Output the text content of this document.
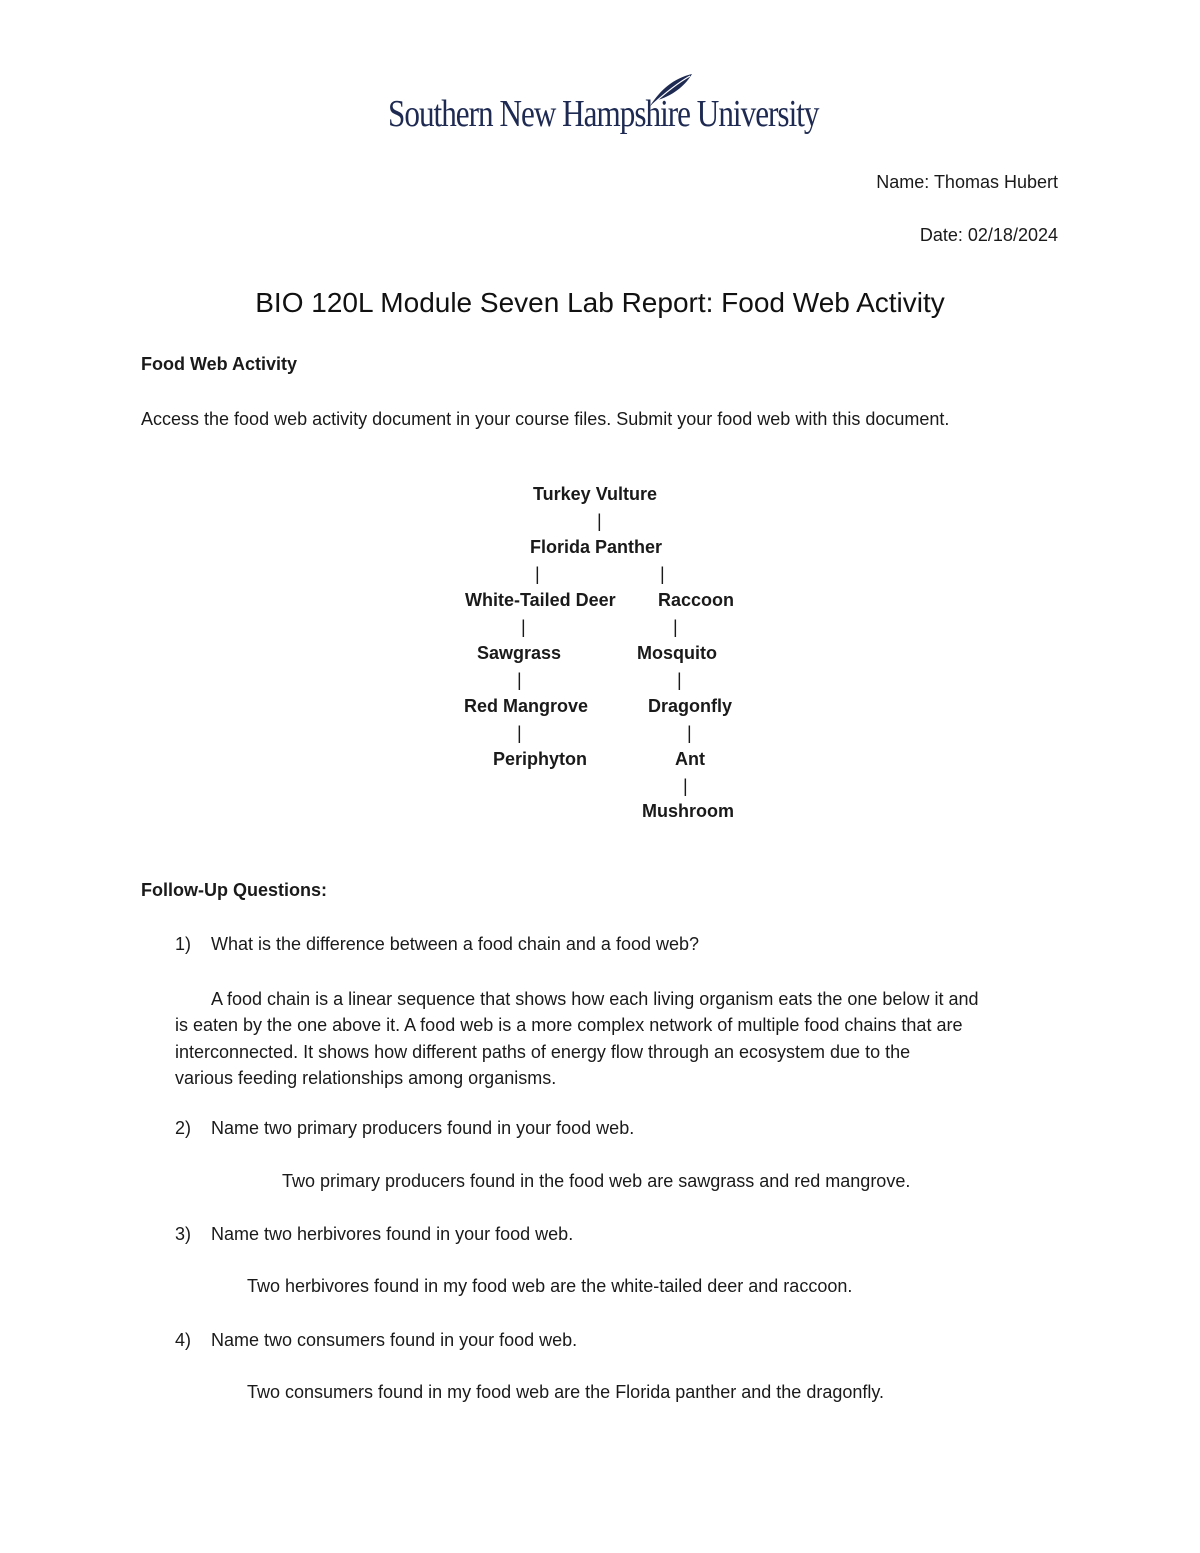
Southern New Hampshire University
Name: Thomas Hubert
Date: 02/18/2024
BIO 120L Module Seven Lab Report: Food Web Activity
Food Web Activity
Access the food web activity document in your course files. Submit your food web with this document.
Turkey Vulture
|
Florida Panther
|	|
White-Tailed Deer Raccoon
|	|
Sawgrass	Mosquito
|	|
Red Mangrove	Dragonfly
|	|
Periphyton	Ant
|
Mushroom
Follow-Up Questions:
1) What is the difference between a food chain and a food web?
A food chain is a linear sequence that shows how each living organism eats the one below it and
is eaten by the one above it. A food web is a more complex network of multiple food chains that are
interconnected. It shows how different paths of energy flow through an ecosystem due to the
various feeding relationships among organisms.
2) Name two primary producers found in your food web.
Two primary producers found in the food web are sawgrass and red mangrove.
3) Name two herbivores found in your food web.
Two herbivores found in my food web are the white-tailed deer and raccoon.
4) Name two consumers found in your food web.
Two consumers found in my food web are the Florida panther and the dragonfly.
